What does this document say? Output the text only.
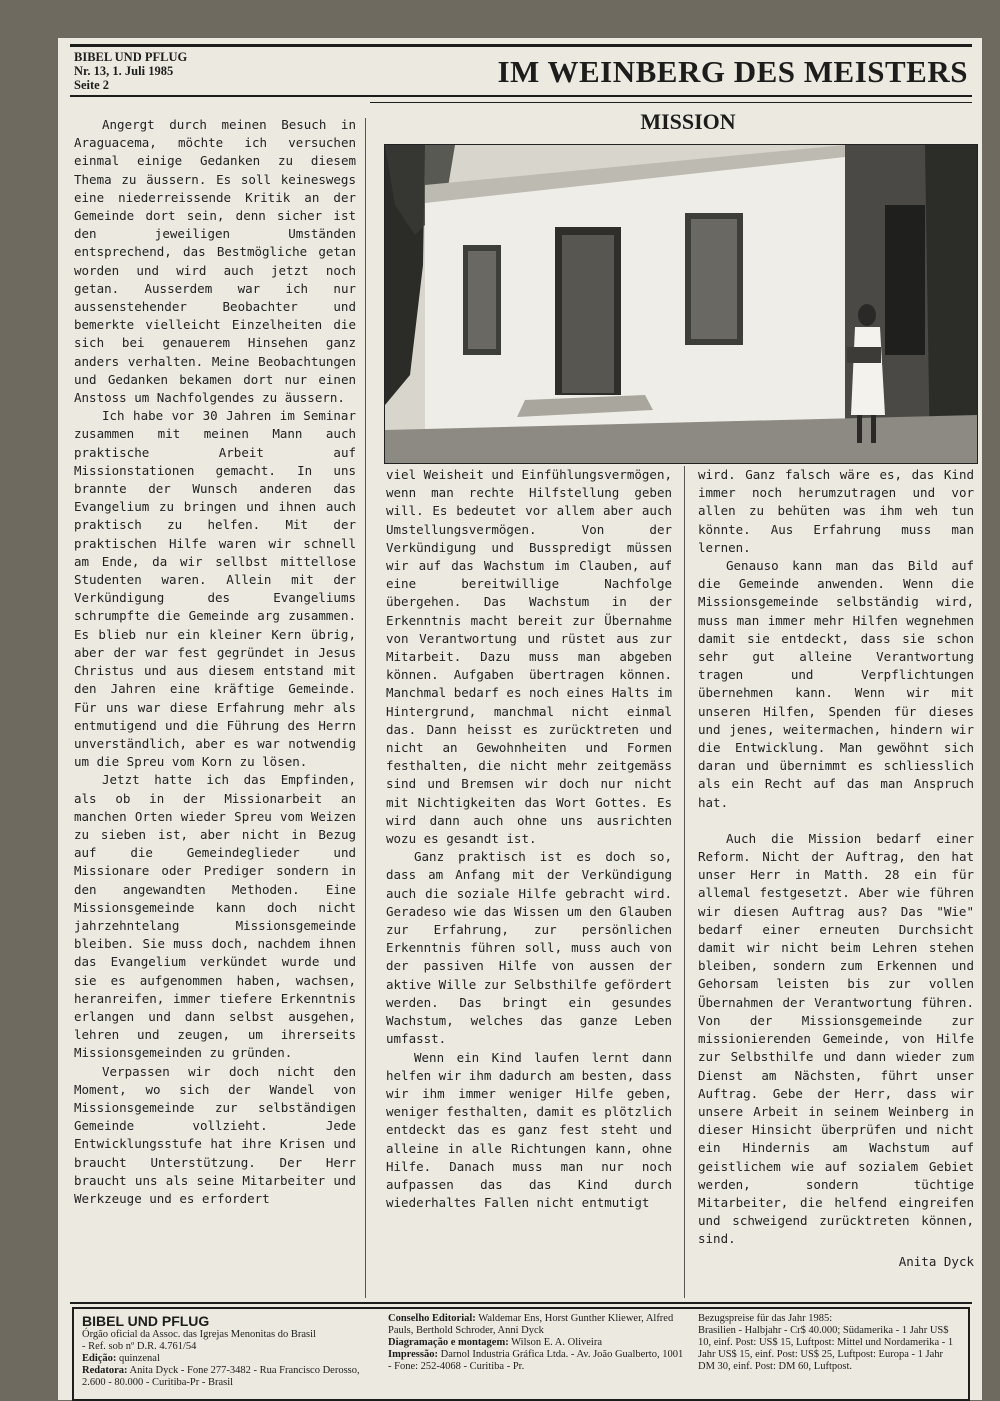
BIBEL UND PFLUG
Nr. 13, 1. Juli 1985
Seite 2	IM WEINBERG DES MEISTERS
MISSION

Angergt durch meinen Besuch in Araguacema, möchte ich versuchen einmal einige Gedanken zu diesem Thema zu äussern. Es soll keineswegs eine niederreissende Kritik an der Gemeinde dort sein, denn sicher ist den jeweiligen Umständen entsprechend, das Bestmögliche getan worden und wird auch jetzt noch getan. Ausserdem war ich nur aussenstehender Beobachter und bemerkte vielleicht Einzelheiten die sich bei genauerem Hinsehen ganz anders verhalten. Meine Beobachtungen und Gedanken bekamen dort nur einen Anstoss um Nachfolgendes zu äussern.

Ich habe vor 30 Jahren im Seminar zusammen mit meinen Mann auch praktische Arbeit auf Missionstationen gemacht. In uns brannte der Wunsch anderen das Evangelium zu bringen und ihnen auch praktisch zu helfen. Mit der praktischen Hilfe waren wir schnell am Ende, da wir sellbst mittellose Studenten waren. Allein mit der Verkündigung des Evangeliums schrumpfte die Gemeinde arg zusammen. Es blieb nur ein kleiner Kern übrig, aber der war fest gegründet in Jesus Christus und aus diesem entstand mit den Jahren eine kräftige Gemeinde. Für uns war diese Erfahrung mehr als entmutigend und die Führung des Herrn unverständlich, aber es war notwendig um die Spreu vom Korn zu lösen.

Jetzt hatte ich das Empfinden, als ob in der Missionarbeit an manchen Orten wieder Spreu vom Weizen zu sieben ist, aber nicht in Bezug auf die Gemeindeglieder und Missionare oder Prediger sondern in den angewandten Methoden. Eine Missionsgemeinde kann doch nicht jahrzehntelang Missionsgemeinde bleiben. Sie muss doch, nachdem ihnen das Evangelium verkündet wurde und sie es aufgenommen haben, wachsen, heranreifen, immer tiefere Erkenntnis erlangen und dann selbst ausgehen, lehren und zeugen, um ihrerseits Missionsgemeinden zu gründen.

Verpassen wir doch nicht den Moment, wo sich der Wandel von Missionsgemeinde zur selbständigen Gemeinde vollzieht. Jede Entwicklungsstufe hat ihre Krisen und braucht Unterstützung. Der Herr braucht uns als seine Mitarbeiter und Werkzeuge und es erfordert

viel Weisheit und Einfühlungsvermögen, wenn man rechte Hilfstellung geben will. Es bedeutet vor allem aber auch Umstellungsvermögen. Von der Verkündigung und Busspredigt müssen wir auf das Wachstum im Clauben, auf eine bereitwillige Nachfolge übergehen. Das Wachstum in der Erkenntnis macht bereit zur Übernahme von Verantwortung und rüstet aus zur Mitarbeit. Dazu muss man abgeben können. Aufgaben übertragen können. Manchmal bedarf es noch eines Halts im Hintergrund, manchmal nicht einmal das. Dann heisst es zurücktreten und nicht an Gewohnheiten und Formen festhalten, die nicht mehr zeitgemäss sind und Bremsen wir doch nur nicht mit Nichtigkeiten das Wort Gottes. Es wird dann auch ohne uns ausrichten wozu es gesandt ist.

Ganz praktisch ist es doch so, dass am Anfang mit der Verkündigung auch die soziale Hilfe gebracht wird. Geradeso wie das Wissen um den Glauben zur Erfahrung, zur persönlichen Erkenntnis führen soll, muss auch von der passiven Hilfe von aussen der aktive Wille zur Selbsthilfe gefördert werden. Das bringt ein gesundes Wachstum, welches das ganze Leben umfasst.

Wenn ein Kind laufen lernt dann helfen wir ihm dadurch am besten, dass wir ihm immer weniger Hilfe geben, weniger festhalten, damit es plötzlich entdeckt das es ganz fest steht und alleine in alle Richtungen kann, ohne Hilfe. Danach muss man nur noch aufpassen das das Kind durch wiederhaltes Fallen nicht entmutigt

wird. Ganz falsch wäre es, das Kind immer noch herumzutragen und vor allen zu behüten was ihm weh tun könnte. Aus Erfahrung muss man lernen.

Genauso kann man das Bild auf die Gemeinde anwenden. Wenn die Missionsgemeinde selbständig wird, muss man immer mehr Hilfen wegnehmen damit sie entdeckt, dass sie schon sehr gut alleine Verantwortung tragen und Verpflichtungen übernehmen kann. Wenn wir mit unseren Hilfen, Spenden für dieses und jenes, weitermachen, hindern wir die Entwicklung. Man gewöhnt sich daran und übernimmt es schliesslich als ein Recht auf das man Anspruch hat.

Auch die Mission bedarf einer Reform. Nicht der Auftrag, den hat unser Herr in Matth. 28 ein für allemal festgesetzt. Aber wie führen wir diesen Auftrag aus? Das "Wie" bedarf einer erneuten Durchsicht damit wir nicht beim Lehren stehen bleiben, sondern zum Erkennen und Gehorsam leisten bis zur vollen Übernahmen der Verantwortung führen. Von der Missionsgemeinde zur missionierenden Gemeinde, von Hilfe zur Selbsthilfe und dann wieder zum Dienst am Nächsten, führt unser Auftrag. Gebe der Herr, dass wir unsere Arbeit in seinem Weinberg in dieser Hinsicht überprüfen und nicht ein Hindernis am Wachstum auf geistlichem wie auf sozialem Gebiet werden, sondern tüchtige Mitarbeiter, die helfend eingreifen und schweigend zurücktreten können, sind.

Anita Dyck
BIBEL UND PFLUG
Órgão oficial da Assoc. das Igrejas Menonitas do Brasil
- Ref. sob nº D.R. 4.761/54
Edição: quinzenal
Redatora: Anita Dyck - Fone 277-3482 - Rua Francisco Derosso, 2.600 - 80.000 - Curitiba-Pr - Brasil
Conselho Editorial: Waldemar Ens, Horst Gunther Kliewer, Alfred Pauls, Berthold Schroder, Anni Dyck
Diagramação e montagem: Wilson E. A. Oliveira
Impressão: Darnol Industria Gráfica Ltda. - Av. João Gualberto, 1001 - Fone: 252-4068 - Curitiba - Pr.
Bezugspreise für das Jahr 1985:
Brasilien - Halbjahr - Cr$ 40.000; Südamerika - 1 Jahr US$ 10, einf. Post: US$ 15, Luftpost: Mittel und Nordamerika - 1 Jahr US$ 15, einf. Post: US$ 25, Luftpost: Europa - 1 Jahr DM 30, einf. Post: DM 60, Luftpost.
